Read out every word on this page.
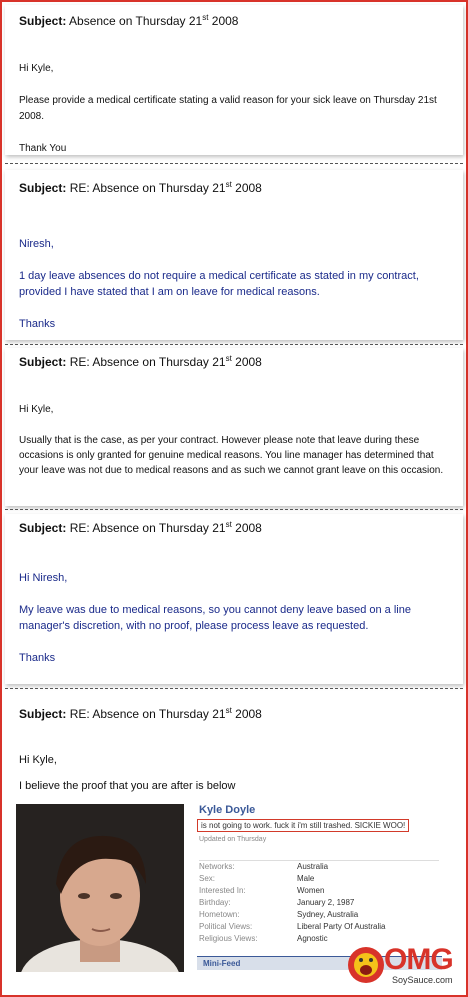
Subject: Absence on Thursday 21st 2008

Hi Kyle,

Please provide a medical certificate stating a valid reason for your sick leave on Thursday 21st 2008.

Thank You

Subject: RE: Absence on Thursday 21st 2008

Niresh,

1 day leave absences do not require a medical certificate as stated in my contract, provided I have stated that I am on leave for medical reasons.

Thanks

Subject: RE: Absence on Thursday 21st 2008

Hi Kyle,

Usually that is the case, as per your contract. However please note that leave during these occasions is only granted for genuine medical reasons. You line manager has determined that your leave was not due to medical reasons and as such we cannot grant leave on this occasion.

Subject: RE: Absence on Thursday 21st 2008

Hi Niresh,

My leave was due to medical reasons, so you cannot deny leave based on a line manager's discretion, with no proof, please process leave as requested.

Thanks

Subject: RE: Absence on Thursday 21st 2008

Hi Kyle,

I believe the proof that you are after is below

Kyle Doyle
is not going to work. fuck it i'm still trashed. SICKIE WOO!
Updated on Thursday
Networks:	Australia
Sex:	Male
Interested In:	Women
Birthday:	January 2, 1987
Hometown:	Sydney, Australia
Political Views:	Liberal Party Of Australia
Religious Views:	Agnostic
Mini-Feed	OMG
SoySauce.com
